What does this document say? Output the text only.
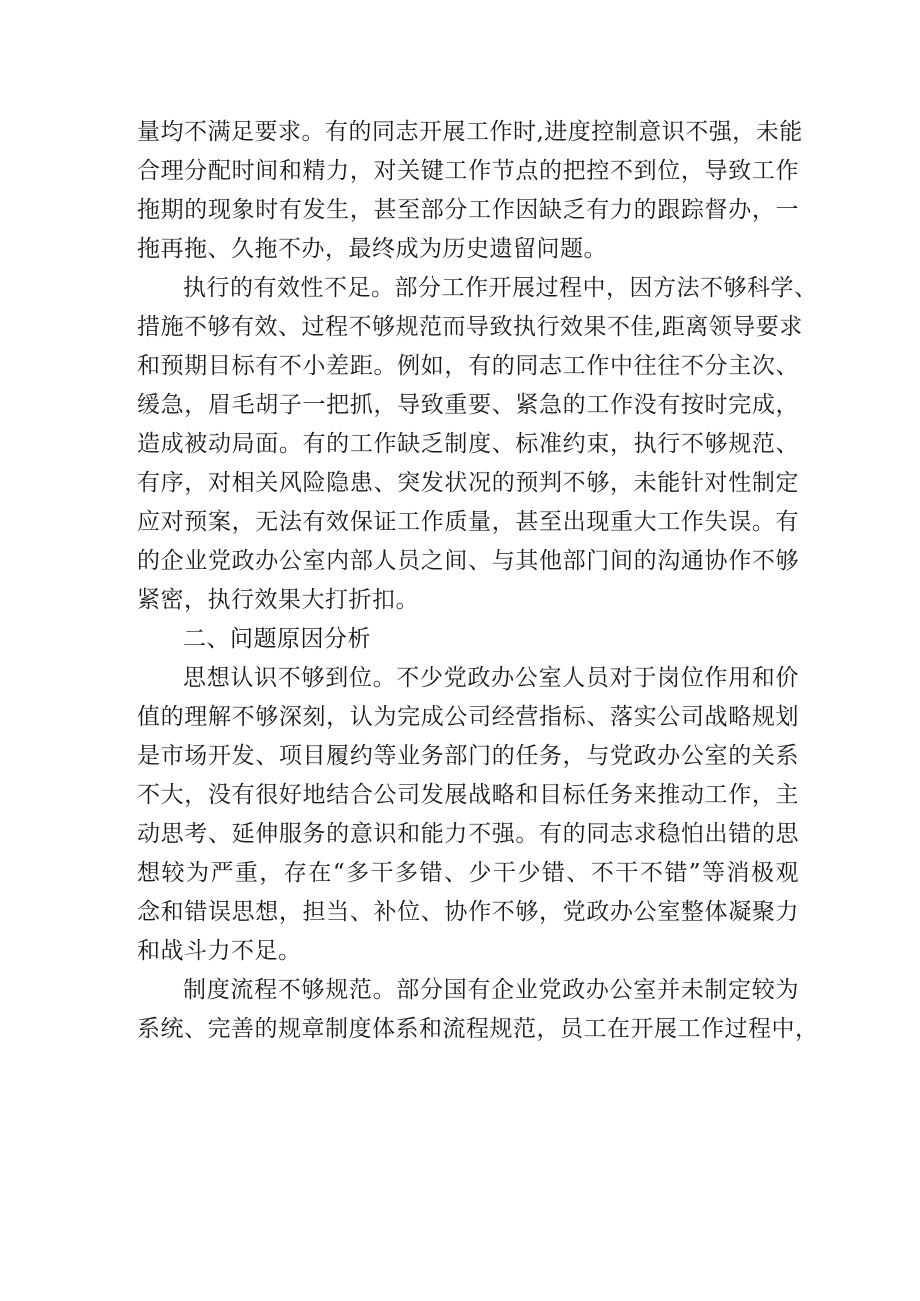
量均不满足要求。有的同志开展工作时,进度控制意识不强，未能
合理分配时间和精力，对关键工作节点的把控不到位，导致工作
拖期的现象时有发生，甚至部分工作因缺乏有力的跟踪督办，一
拖再拖、久拖不办，最终成为历史遗留问题。
执行的有效性不足。部分工作开展过程中，因方法不够科学、
措施不够有效、过程不够规范而导致执行效果不佳,距离领导要求
和预期目标有不小差距。例如，有的同志工作中往往不分主次、
缓急，眉毛胡子一把抓，导致重要、紧急的工作没有按时完成，
造成被动局面。有的工作缺乏制度、标准约束，执行不够规范、
有序，对相关风险隐患、突发状况的预判不够，未能针对性制定
应对预案，无法有效保证工作质量，甚至出现重大工作失误。有
的企业党政办公室内部人员之间、与其他部门间的沟通协作不够
紧密，执行效果大打折扣。
二、问题原因分析
思想认识不够到位。不少党政办公室人员对于岗位作用和价
值的理解不够深刻，认为完成公司经营指标、落实公司战略规划
是市场开发、项目履约等业务部门的任务，与党政办公室的关系
不大，没有很好地结合公司发展战略和目标任务来推动工作，主
动思考、延伸服务的意识和能力不强。有的同志求稳怕出错的思
想较为严重，存在“多干多错、少干少错、不干不错”等消极观
念和错误思想，担当、补位、协作不够，党政办公室整体凝聚力
和战斗力不足。
制度流程不够规范。部分国有企业党政办公室并未制定较为
系统、完善的规章制度体系和流程规范，员工在开展工作过程中，
